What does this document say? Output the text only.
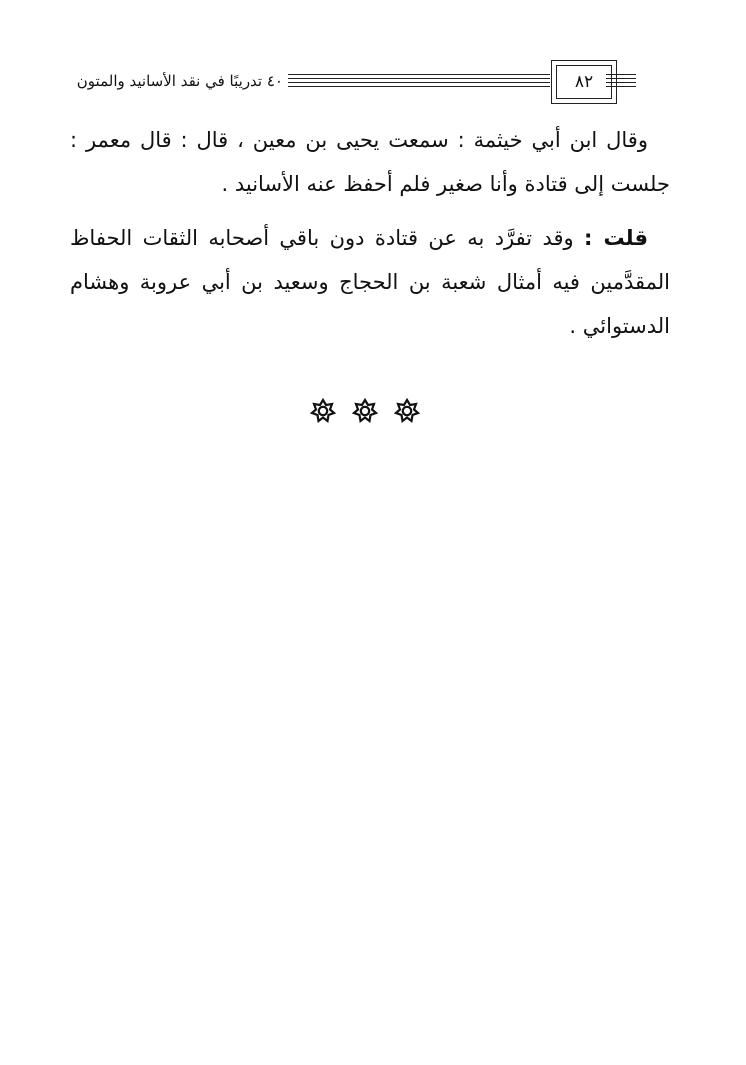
٤٠ تدريبًا في نقد الأسانيد والمتون	٨٢

وقال ابن أبي خيثمة : سمعت يحيى بن معين ، قال : قال معمر : جلست إلى قتادة وأنا صغير فلم أحفظ عنه الأسانيد .

قلت : وقد تفرَّد به عن قتادة دون باقي أصحابه الثقات الحفاظ المقدَّمين فيه أمثال شعبة بن الحجاج وسعيد بن أبي عروبة وهشام الدستوائي .
